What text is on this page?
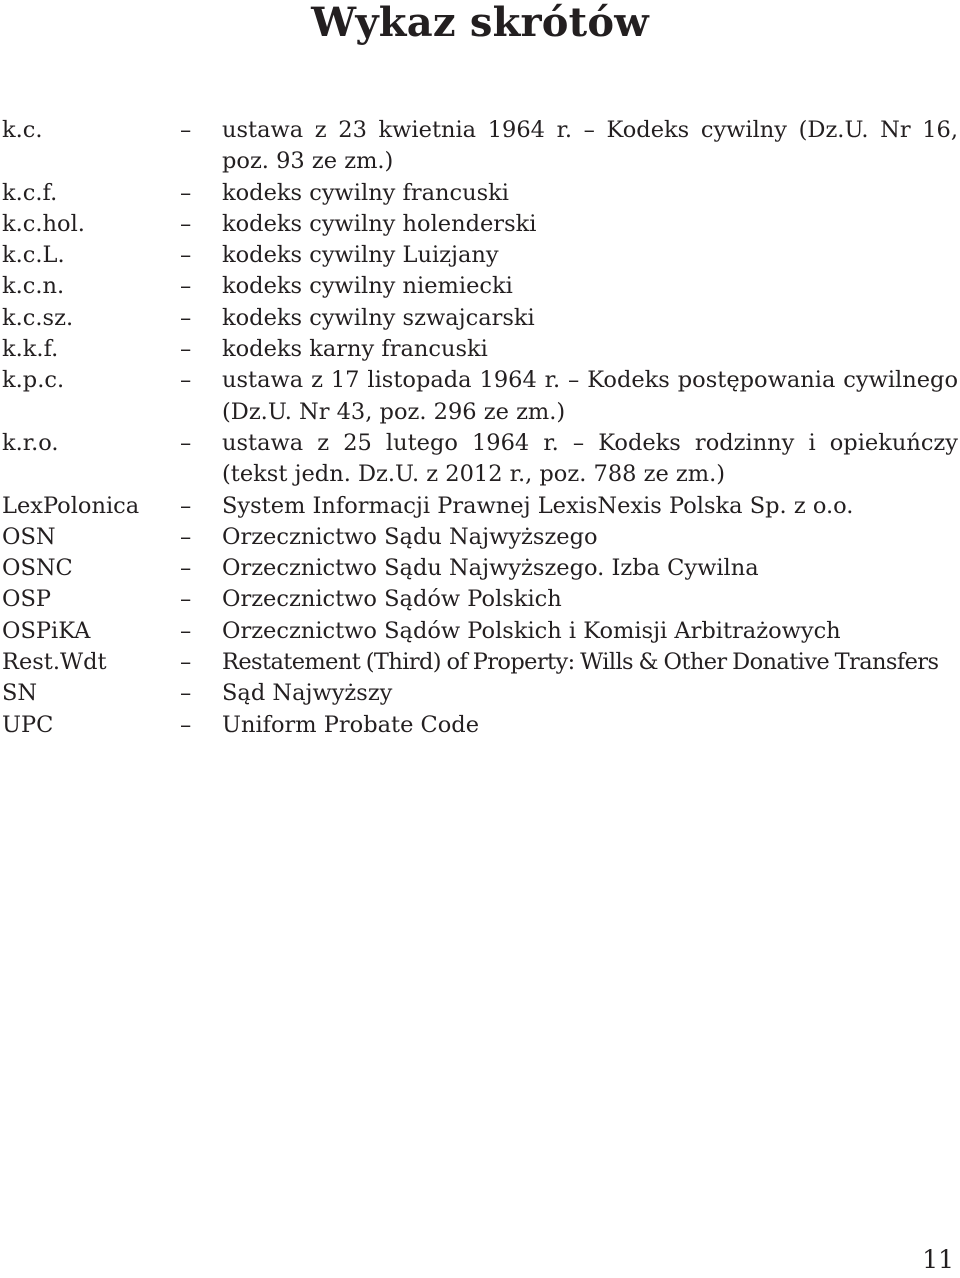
Wykaz skrótów
k.c.	–	ustawa z 23 kwietnia 1964 r. – Kodeks cywilny (Dz.U. Nr 16, poz. 93 ze zm.)
k.c.f.	–	kodeks cywilny francuski
k.c.hol.	–	kodeks cywilny holenderski
k.c.L.	–	kodeks cywilny Luizjany
k.c.n.	–	kodeks cywilny niemiecki
k.c.sz.	–	kodeks cywilny szwajcarski
k.k.f.	–	kodeks karny francuski
k.p.c.	–	ustawa z 17 listopada 1964 r. – Kodeks postępowania cywilnego (Dz.U. Nr 43, poz. 296 ze zm.)
k.r.o.	–	ustawa z 25 lutego 1964 r. – Kodeks rodzinny i opiekuńczy (tekst jedn. Dz.U. z 2012 r., poz. 788 ze zm.)
LexPolonica	–	System Informacji Prawnej LexisNexis Polska Sp. z o.o.
OSN	–	Orzecznictwo Sądu Najwyższego
OSNC	–	Orzecznictwo Sądu Najwyższego. Izba Cywilna
OSP	–	Orzecznictwo Sądów Polskich
OSPiKA	–	Orzecznictwo Sądów Polskich i Komisji Arbitrażowych
Rest.Wdt	–	Restatement (Third) of Property: Wills & Other Donative Transfers
SN	–	Sąd Najwyższy
UPC	–	Uniform Probate Code
11
